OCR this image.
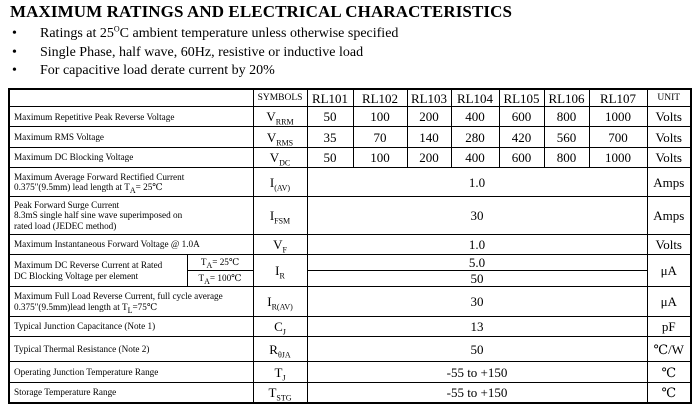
MAXIMUM RATINGS AND ELECTRICAL CHARACTERISTICS
• Ratings at $25^OC$ ambient temperature unless otherwise specified
• Single Phase, half wave, 60Hz, resistive or inductive load
• For capacitive load derate current by 20%
		SYMBOLS	RL101	RL102	RL103	RL104	RL105	RL106	RL107	UNIT
Maximum Repetitive Peak Reverse Voltage		$V_{RRM}$	50	100	200	400	600	800	1000	Volts
Maximum RMS Voltage		$V_{RMS}$	35	70	140	280	420	560	700	Volts
Maximum DC Blocking Voltage		$V_{DC}$	50	100	200	400	600	800	1000	Volts

Maximum Average Forward Rectified Current
0.375"(9.5mm) lead length at $T_A=$ 25℃		$I_{(AV)}$	1.0							Amps

Peak Forward Surge Current
8.3mS single half sine wave superimposed on
rated load (JEDEC method)		$I_{FSM}$	30							Amps
Maximum Instantaneous Forward Voltage @ 1.0A		$V_F$	1.0							Volts

Maximum DC Reverse Current at Rated
DC Blocking Voltage per element	$T_A=$ 25℃	$I_R$	5.0							μA
	$T_A=$ 100℃		50							

Maximum Full Load Reverse Current, full cycle average
0.375"(9.5mm)lead length at $T_L=75℃$		$I_{R(AV)}$	30							μA
Typical Junction Capacitance (Note 1)		$C_J$	13							pF
Typical Thermal Resistance (Note 2)		$R_{\theta JA}$	50							℃/W
Operating Junction Temperature Range		$T_J$	-55 to +150							℃
Storage Temperature Range		$T_{STG}$	-55 to +150							℃
